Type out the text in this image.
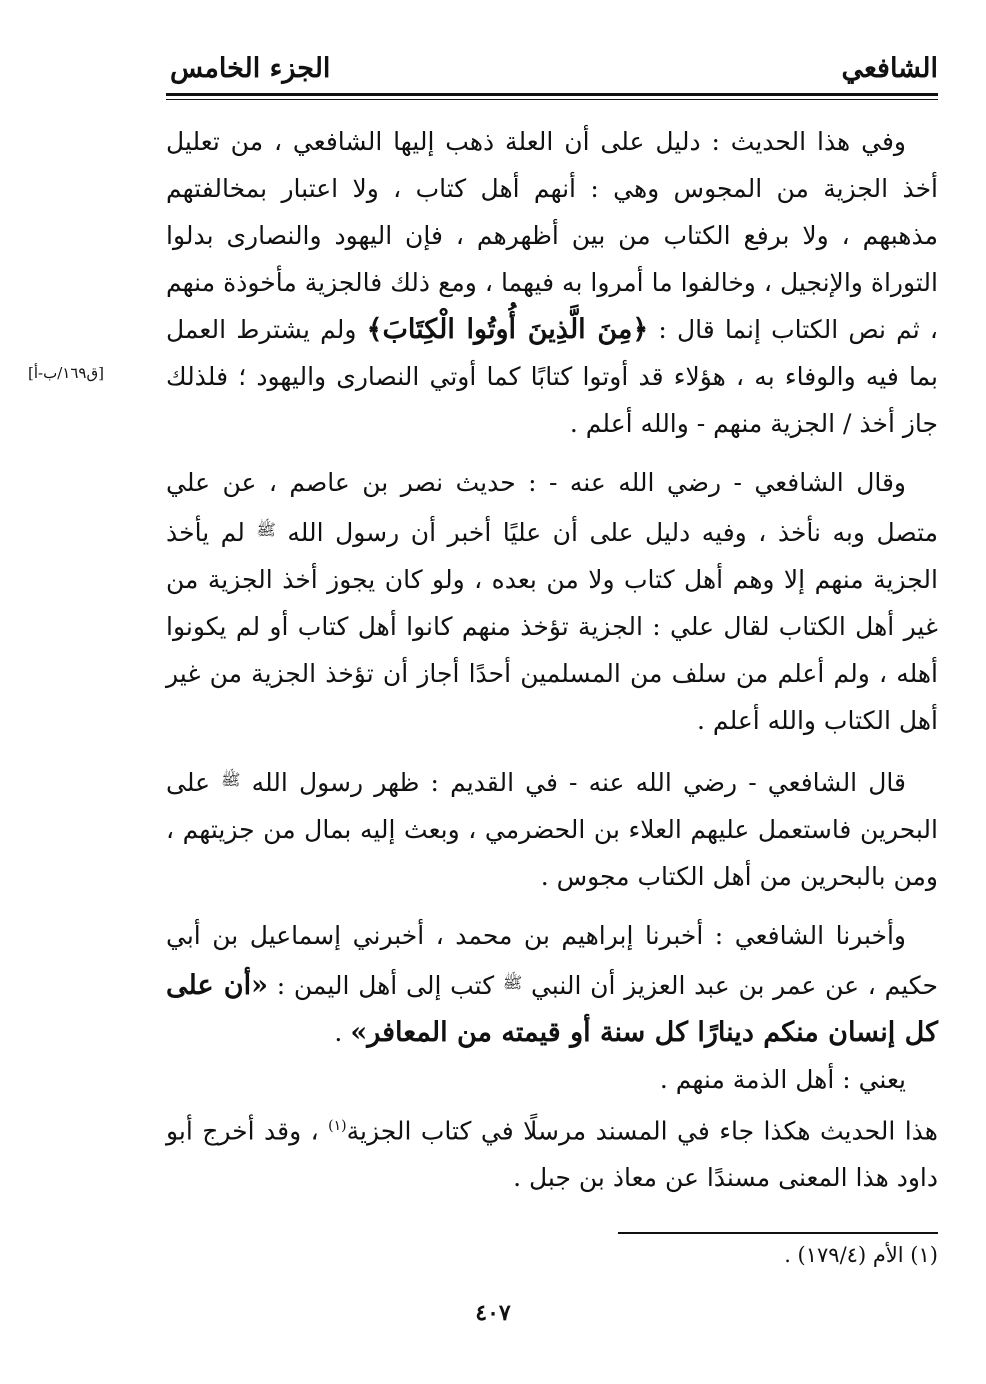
الشافعي
الجزء الخامس
[ق١٦٩/ب-أ]

وفي هذا الحديث : دليل على أن العلة ذهب إليها الشافعي ، من تعليل أخذ الجزية من المجوس وهي : أنهم أهل كتاب ، ولا اعتبار بمخالفتهم مذهبهم ، ولا برفع الكتاب من بين أظهرهم ، فإن اليهود والنصارى بدلوا التوراة والإنجيل ، وخالفوا ما أمروا به فيهما ، ومع ذلك فالجزية مأخوذة منهم ، ثم نص الكتاب إنما قال : ﴿مِنَ الَّذِينَ أُوتُوا الْكِتَابَ﴾ ولم يشترط العمل بما فيه والوفاء به ، هؤلاء قد أوتوا كتابًا كما أوتي النصارى واليهود ؛ فلذلك جاز أخذ / الجزية منهم - والله أعلم .

وقال الشافعي - رضي الله عنه - : حديث نصر بن عاصم ، عن علي متصل وبه نأخذ ، وفيه دليل على أن عليًا أخبر أن رسول الله $^ﷺ$ لم يأخذ الجزية منهم إلا وهم أهل كتاب ولا من بعده ، ولو كان يجوز أخذ الجزية من غير أهل الكتاب لقال علي : الجزية تؤخذ منهم كانوا أهل كتاب أو لم يكونوا أهله ، ولم أعلم من سلف من المسلمين أحدًا أجاز أن تؤخذ الجزية من غير أهل الكتاب والله أعلم .

قال الشافعي - رضي الله عنه - في القديم : ظهر رسول الله $^ﷺ$ على البحرين فاستعمل عليهم العلاء بن الحضرمي ، وبعث إليه بمال من جزيتهم ، ومن بالبحرين من أهل الكتاب مجوس .

وأخبرنا الشافعي : أخبرنا إبراهيم بن محمد ، أخبرني إسماعيل بن أبي حكيم ، عن عمر بن عبد العزيز أن النبي $^ﷺ$ كتب إلى أهل اليمن : «أن على كل إنسان منكم دينارًا كل سنة أو قيمته من المعافر» .

يعني : أهل الذمة منهم .

هذا الحديث هكذا جاء في المسند مرسلًا في كتاب الجزية$^{(١)}$ ، وقد أخرج أبو داود هذا المعنى مسندًا عن معاذ بن جبل .

(١) الأم (١٧٩/٤) .
٤٠٧
